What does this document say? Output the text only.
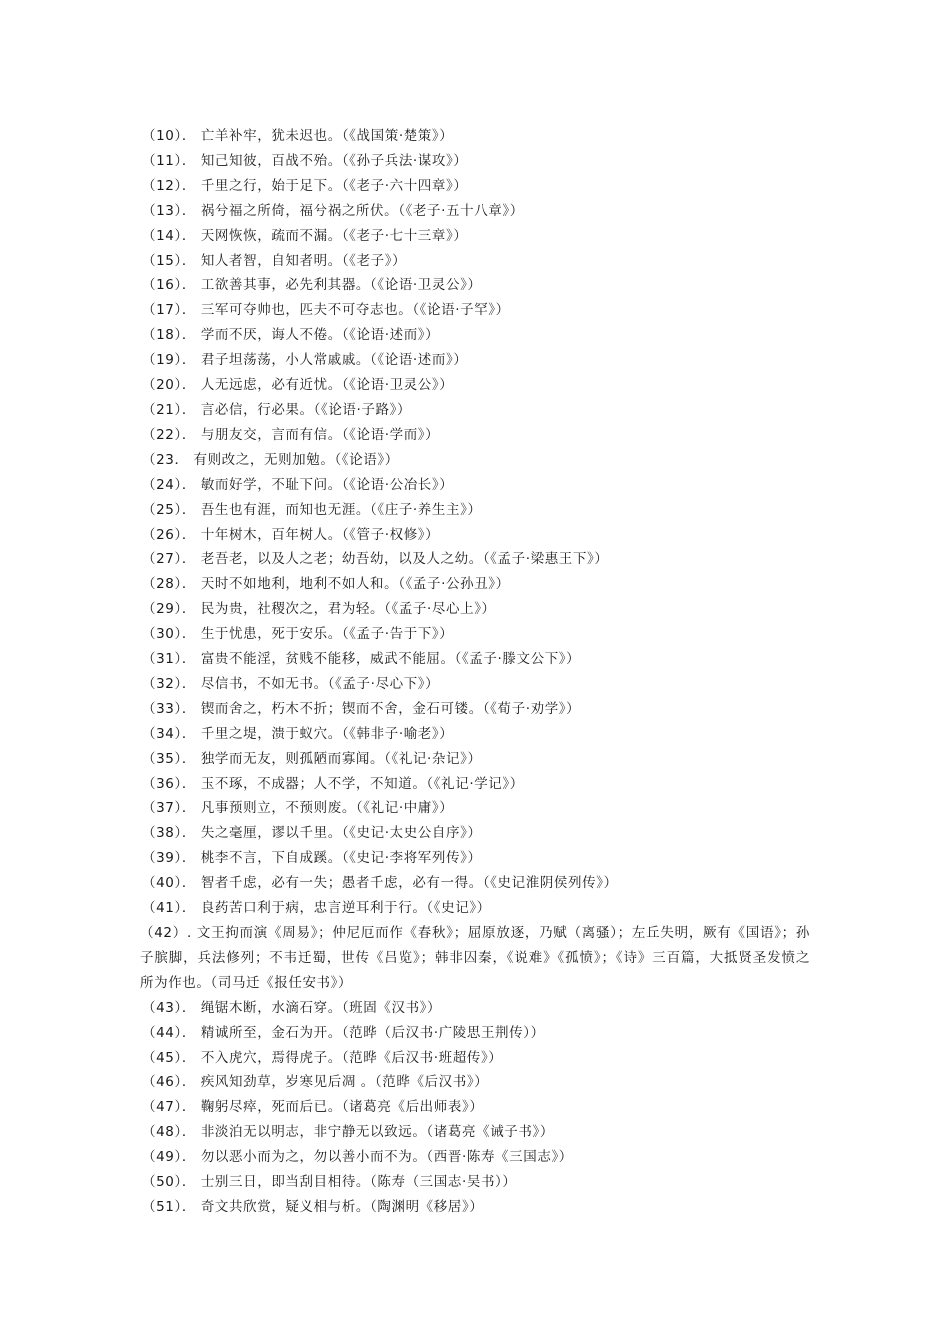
（10）． 亡羊补牢，犹未迟也。（《战国策·楚策》）
（11）． 知己知彼，百战不殆。（《孙子兵法·谋攻》）
（12）． 千里之行，始于足下。（《老子·六十四章》）
（13）． 祸兮福之所倚，福兮祸之所伏。（《老子·五十八章》）
（14）． 天网恢恢，疏而不漏。（《老子·七十三章》）
（15）． 知人者智，自知者明。（《老子》）
（16）． 工欲善其事，必先利其器。（《论语·卫灵公》）
（17）． 三军可夺帅也，匹夫不可夺志也。（《论语·子罕》）
（18）． 学而不厌，诲人不倦。（《论语·述而》）
（19）． 君子坦荡荡，小人常戚戚。（《论语·述而》）
（20）． 人无远虑，必有近忧。（《论语·卫灵公》）
（21）． 言必信，行必果。（《论语·子路》）
（22）． 与朋友交，言而有信。（《论语·学而》）
（23． 有则改之，无则加勉。（《论语》）
（24）． 敏而好学，不耻下问。（《论语·公冶长》）
（25）． 吾生也有涯，而知也无涯。（《庄子·养生主》）
（26）． 十年树木，百年树人。（《管子·权修》）
（27）． 老吾老，以及人之老；幼吾幼，以及人之幼。（《孟子·梁惠王下》）
（28）． 天时不如地利，地利不如人和。（《孟子·公孙丑》）
（29）． 民为贵，社稷次之，君为轻。（《孟子·尽心上》）
（30）． 生于忧患，死于安乐。（《孟子·告于下》）
（31）． 富贵不能淫，贫贱不能移，威武不能屈。（《孟子·滕文公下》）
（32）． 尽信书，不如无书。（《孟子·尽心下》）
（33）． 锲而舍之，朽木不折；锲而不舍，金石可镂。（《荀子·劝学》）
（34）． 千里之堤，溃于蚁穴。（《韩非子·喻老》）
（35）． 独学而无友，则孤陋而寡闻。（《礼记·杂记》）
（36）． 玉不琢，不成器；人不学，不知道。（《礼记·学记》）
（37）． 凡事预则立，不预则废。（《礼记·中庸》）
（38）． 失之毫厘，谬以千里。（《史记·太史公自序》）
（39）． 桃李不言，下自成蹊。（《史记·李将军列传》）
（40）． 智者千虑，必有一失；愚者千虑，必有一得。（《史记淮阴侯列传》）
（41）． 良药苦口利于病，忠言逆耳利于行。（《史记》）
（42）. 文王拘而演《周易》；仲尼厄而作《春秋》；屈原放逐，乃赋（离骚）；左丘失明，厥有《国语》；孙子膑脚，兵法修列；不韦迁蜀，世传《吕览》；韩非囚秦，《说难》《孤愤》；《诗》三百篇，大抵贤圣发愤之所为作也。（司马迁《报任安书》）
（43）． 绳锯木断，水滴石穿。（班固《汉书》）
（44）． 精诚所至，金石为开。（范晔（后汉书·广陵思王荆传））
（45）． 不入虎穴，焉得虎子。（范晔《后汉书·班超传》）
（46）． 疾风知劲草，岁寒见后凋 。（范晔《后汉书》）
（47）． 鞠躬尽瘁，死而后已。（诸葛亮《后出师表》）
（48）． 非淡泊无以明志，非宁静无以致远。（诸葛亮《诫子书》）
（49）． 勿以恶小而为之，勿以善小而不为。（西晋·陈寿《三国志》）
（50）． 士别三日，即当刮目相待。（陈寿（三国志·吴书））
（51）． 奇文共欣赏，疑义相与析。（陶渊明《移居》）
